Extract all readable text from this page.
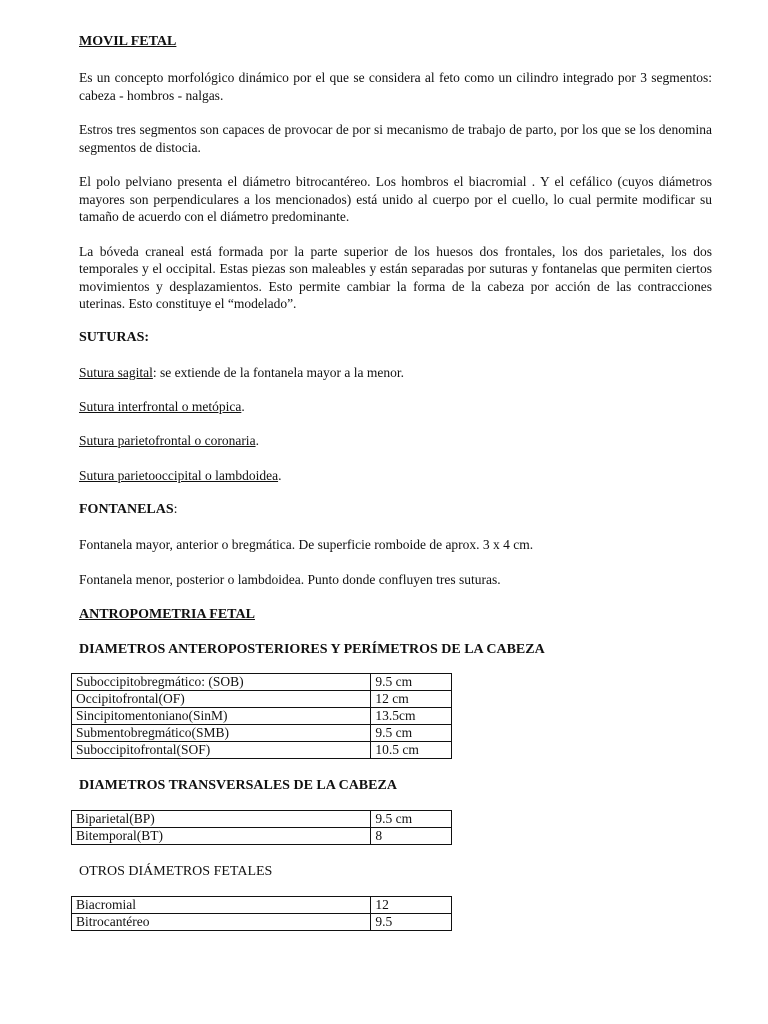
MOVIL FETAL

Es un concepto morfológico dinámico por el que se considera al feto como un cilindro integrado por 3 segmentos: cabeza - hombros - nalgas.

Estros tres segmentos son capaces de provocar de por si mecanismo de trabajo de parto, por los que se los denomina segmentos de distocia.

El polo pelviano presenta el diámetro bitrocantéreo. Los hombros el biacromial . Y el cefálico (cuyos diámetros mayores son perpendiculares a los mencionados) está unido al cuerpo por el cuello, lo cual permite modificar su tamaño de acuerdo con el diámetro predominante.

La bóveda craneal está formada por la parte superior de los huesos dos frontales, los dos parietales, los dos temporales y el occipital. Estas piezas son maleables y están separadas por suturas y fontanelas que permiten ciertos movimientos y desplazamientos. Esto permite cambiar la forma de la cabeza por acción de las contracciones uterinas. Esto constituye el “modelado”.

SUTURAS:

Sutura sagital: se extiende de la fontanela mayor a la menor.

Sutura interfrontal o metópica.

Sutura parietofrontal o coronaria.

Sutura parietooccipital o lambdoidea.

FONTANELAS:

Fontanela mayor, anterior o bregmática. De superficie romboide de aprox. 3 x 4 cm.

Fontanela menor, posterior o lambdoidea. Punto donde confluyen tres suturas.

ANTROPOMETRIA FETAL

DIAMETROS ANTEROPOSTERIORES Y PERÍMETROS DE LA CABEZA

Suboccipitobregmático: (SOB)	9.5 cm
Occipitofrontal(OF)	12 cm
Sincipitomentoniano(SinM)	13.5cm
Submentobregmático(SMB)	9.5 cm
Suboccipitofrontal(SOF)	10.5 cm

DIAMETROS TRANSVERSALES DE LA CABEZA

Biparietal(BP)	9.5 cm
Bitemporal(BT)	8

OTROS DIÁMETROS FETALES

Biacromial	12
Bitrocantéreo	9.5
